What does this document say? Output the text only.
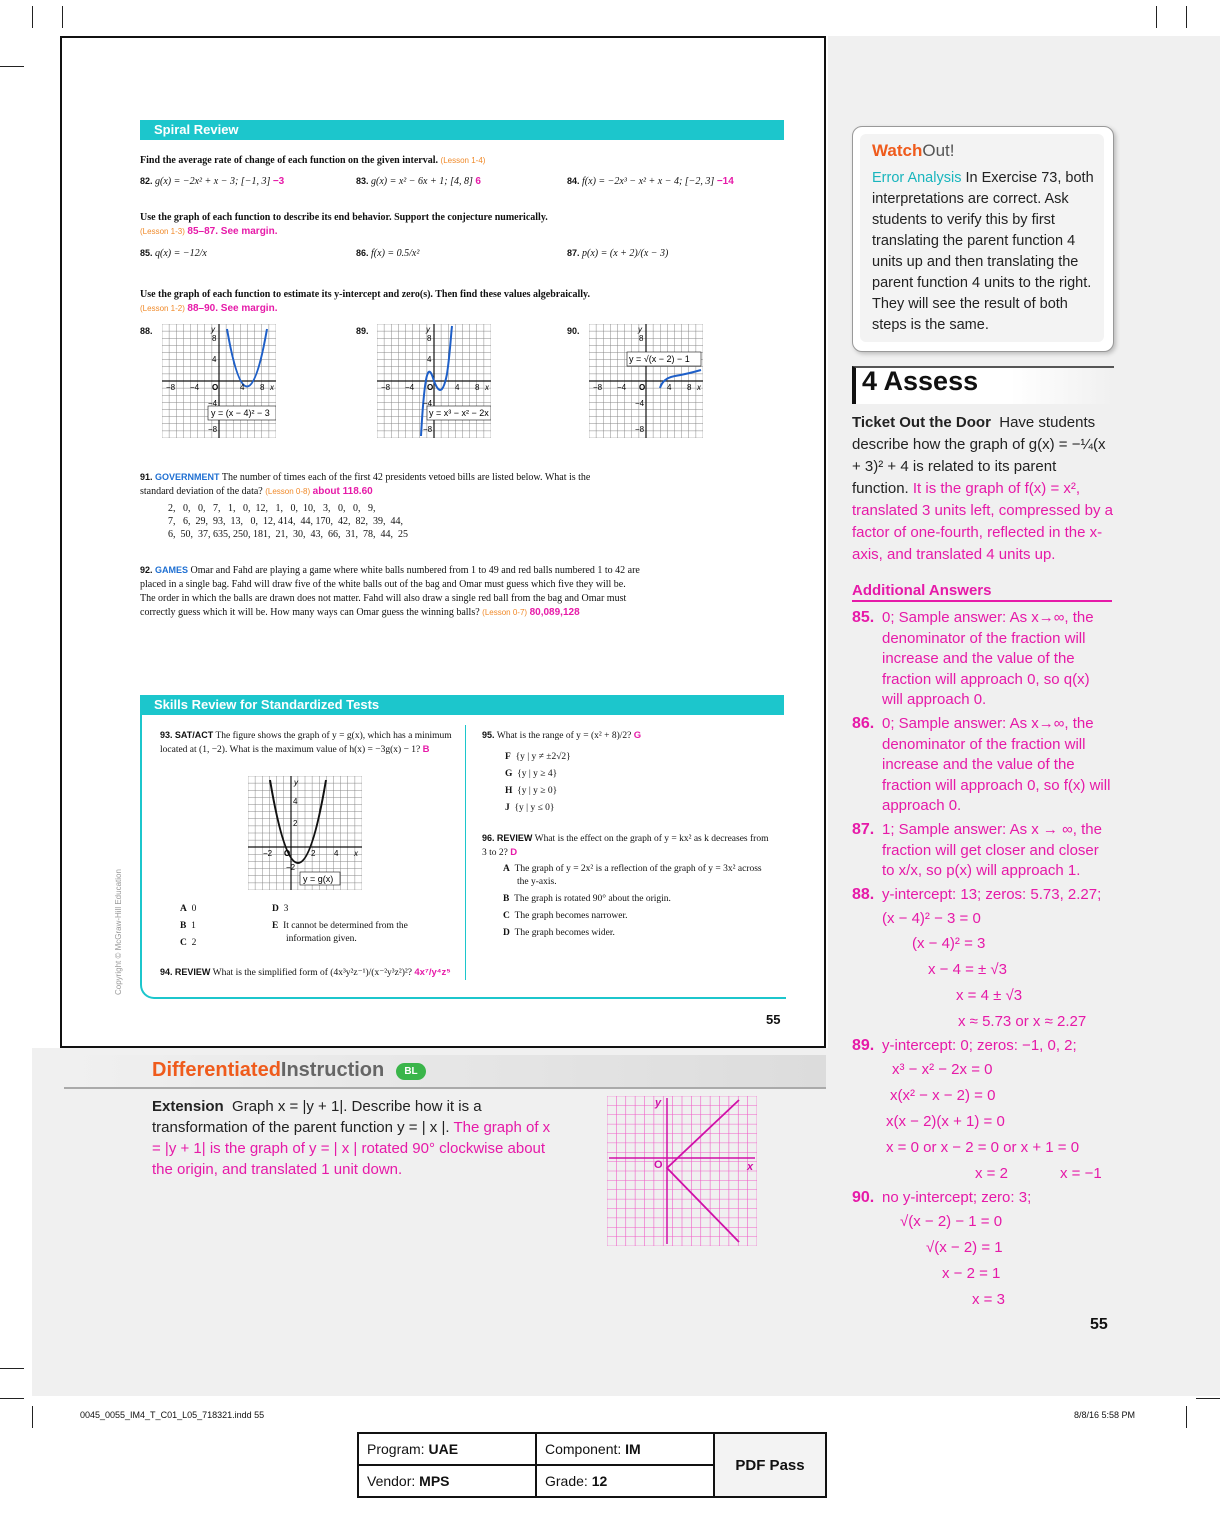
Spiral Review
Find the average rate of change of each function on the given interval. (Lesson 1-4)
82. g(x) = −2x² + x − 3; [−1, 3] −3	83. g(x) = x² − 6x + 1; [4, 8] 6	84. f(x) = −2x³ − x² + x − 4; [−2, 3] −14
Use the graph of each function to describe its end behavior. Support the conjecture numerically. (Lesson 1-3) 85–87. See margin.
85. q(x) = −12/x	86. f(x) = 0.5/x²	87. p(x) = (x + 2)/(x − 3)
Use the graph of each function to estimate its y-intercept and zero(s). Then find these values algebraically. (Lesson 1-2) 88–90. See margin.
88.
y = (x − 4)² − 3
−8 −4 O	4 8 x
y
8
4
−4
−8
89.
y = x³ − x² − 2x
−8 −4 O	4 8 x
y
8
4
−4
−8
90.
y = √(x − 2) − 1
−8 −4 O	4 8 x
y
8
−4
−8
91. GOVERNMENT The number of times each of the first 42 presidents vetoed bills are listed below. What is the standard deviation of the data? (Lesson 0-8) about 118.60
2,   0,   0,   7,   1,   0,  12,   1,   0,  10,   3,   0,   0,   9,
7,   6,  29,  93,  13,   0,  12, 414,  44, 170,  42,  82,  39,  44,
6,  50,  37, 635, 250, 181,  21,  30,  43,  66,  31,  78,  44,  25
92. GAMES Omar and Fahd are playing a game where white balls numbered from 1 to 49 and red balls numbered 1 to 42 are placed in a single bag. Fahd will draw five of the white balls out of the bag and Omar must guess which five they will be. The order in which the balls are drawn does not matter. Fahd will also draw a single red ball from the bag and Omar must correctly guess which it will be. How many ways can Omar guess the winning balls? (Lesson 0-7) 80,089,128
Skills Review for Standardized Tests
93. SAT/ACT The figure shows the graph of y = g(x), which has a minimum located at (1, −2). What is the maximum value of h(x) = −3g(x) − 1? B
y = g(x)
−2 O	2 4 x
y
4
2
−2
A 0
B 1
C 2
D 3
E It cannot be determined from the information given.
94. REVIEW What is the simplified form of (4x³y²z⁻¹)/(x⁻²y³z²)²? 4x⁷/y⁴z⁵
95. What is the range of y = (x² + 8)/2? G
F {y | y ≠ ±2√2}
G {y | y ≥ 4}
H {y | y ≥ 0}
J {y | y ≤ 0}
96. REVIEW What is the effect on the graph of y = kx² as k decreases from 3 to 2? D
A The graph of y = 2x² is a reflection of the graph of y = 3x² across the y-axis.
B The graph is rotated 90° about the origin.
C The graph becomes narrower.
D The graph becomes wider.
Copyright © McGraw-Hill Education
55
WatchOut!
Error Analysis In Exercise 73, both interpretations are correct. Ask students to verify this by first translating the parent function 4 units up and then translating the parent function 4 units to the right. They will see the result of both steps is the same.
4 Assess
Ticket Out the Door Have students describe how the graph of g(x) = −¼(x + 3)² + 4 is related to its parent function. It is the graph of f(x) = x², translated 3 units left, compressed by a factor of one-fourth, reflected in the x-axis, and translated 4 units up.
Additional Answers
85. 0; Sample answer: As x→∞, the denominator of the fraction will increase and the value of the fraction will approach 0, so q(x) will approach 0.
86. 0; Sample answer: As x→∞, the denominator of the fraction will increase and the value of the fraction will approach 0, so f(x) will approach 0.
87. 1; Sample answer: As x → ∞, the fraction will get closer and closer to x/x, so p(x) will approach 1.
88. y-intercept: 13; zeros: 5.73, 2.27;
(x − 4)² − 3 = 0
(x − 4)² = 3
x − 4 = ± √3
x = 4 ± √3
x ≈ 5.73 or x ≈ 2.27
89. y-intercept: 0; zeros: −1, 0, 2;
x³ − x² − 2x = 0
x(x² − x − 2) = 0
x(x − 2)(x + 1) = 0
x = 0 or x − 2 = 0 or x + 1 = 0
x = 2	x = −1
90. no y-intercept; zero: 3;
√(x − 2) − 1 = 0
√(x − 2) = 1
x − 2 = 1
x = 3
55
DifferentiatedInstruction	BL
Extension Graph x = |y + 1|. Describe how it is a transformation of the parent function y = | x |. The graph of x = |y + 1| is the graph of y = | x | rotated 90° clockwise about the origin, and translated 1 unit down.	O
y
x
0045_0055_IM4_T_C01_L05_718321.indd 55	8/8/16 5:58 PM
Program: UAE	Component: IM	PDF Pass
Vendor: MPS	Grade: 12	
